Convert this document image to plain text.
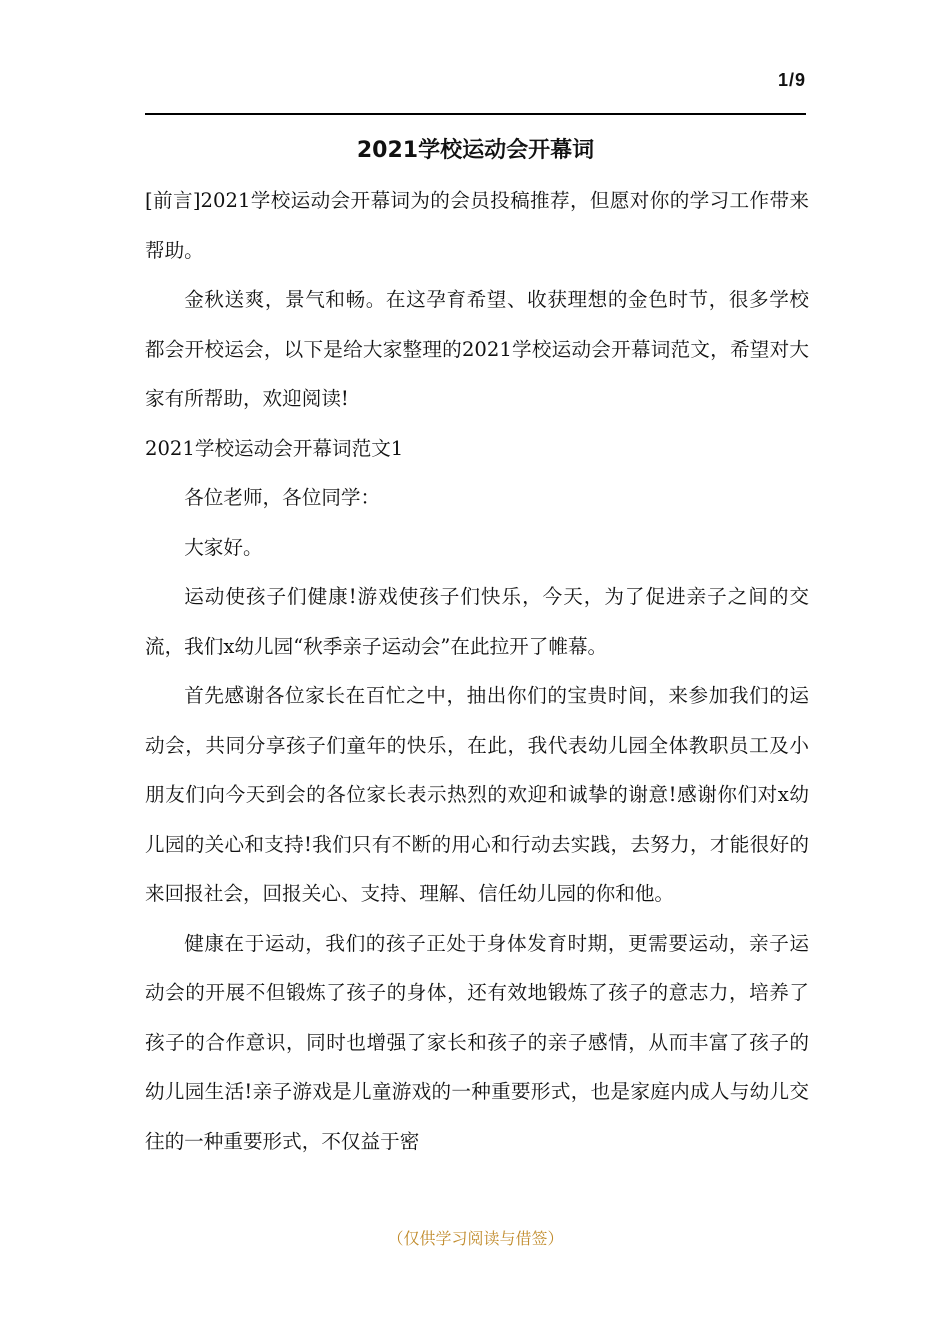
1/9
2021学校运动会开幕词

[前言]2021学校运动会开幕词为的会员投稿推荐，但愿对你的学习工作带来帮助。

金秋送爽，景气和畅。在这孕育希望、收获理想的金色时节，很多学校都会开校运会，以下是给大家整理的2021学校运动会开幕词范文，希望对大家有所帮助，欢迎阅读!

2021学校运动会开幕词范文1

各位老师，各位同学：

大家好。

运动使孩子们健康!游戏使孩子们快乐，今天，为了促进亲子之间的交流，我们x幼儿园“秋季亲子运动会”在此拉开了帷幕。

首先感谢各位家长在百忙之中，抽出你们的宝贵时间，来参加我们的运动会，共同分享孩子们童年的快乐，在此，我代表幼儿园全体教职员工及小朋友们向今天到会的各位家长表示热烈的欢迎和诚挚的谢意!感谢你们对x幼儿园的关心和支持!我们只有不断的用心和行动去实践，去努力，才能很好的来回报社会，回报关心、支持、理解、信任幼儿园的你和他。

健康在于运动，我们的孩子正处于身体发育时期，更需要运动，亲子运动会的开展不但锻炼了孩子的身体，还有效地锻炼了孩子的意志力，培养了孩子的合作意识，同时也增强了家长和孩子的亲子感情，从而丰富了孩子的幼儿园生活!亲子游戏是儿童游戏的一种重要形式，也是家庭内成人与幼儿交往的一种重要形式，不仅益于密

（仅供学习阅读与借签）
